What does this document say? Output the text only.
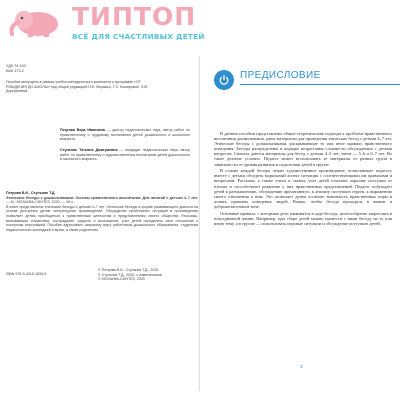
ТИПТОП
ВСЁ ДЛЯ СЧАСТЛИВЫХ ДЕТЕЙ
УДК 74.100
ББК 373.2
Пособие выпущено в рамках учебно-методического комплекта к программе «ОТ РОЖДЕНИЯ ДО ШКОЛЫ» под общей редакцией Н.Е. Вераксы, Т.С. Комаровой, Э.М. Дорофеевой.
Петрова Вера Ивановна — доктор педагогических наук, автор работ по нравственному и трудовому воспитанию детей дошкольного и школьного возраста.
Стульник Татьяна Дмитриевна — кандидат педагогических наук, автор работ по нравственному и художественному воспитанию детей дошкольного и школьного возраста.
Петрова В.И., Стульник Т.Д.
Этические беседы с дошкольниками: Основы нравственного воспитания: Для занятий с детьми 4–7 лет. — М.: МОЗАИКА-СИНТЕЗ, 2020. — 96 с.
В книге представлены этические беседы с детьми 4–7 лет. Этические беседы в форме развивающего диалога на основе доступных детям литературных произведений. Обсуждение проблемных ситуаций в произведении позволяет детям приобщиться к нравственным ценностям и представлениям своего общества. Рассказы, вызывающие сочувствие, сострадание, радость и восхищение, учат детей определять свое отношение к поступкам персонажей. Пособие адресовано широкому кругу работников дошкольного образования, студентам педагогических колледжей и вузов, а также родителям.
ISBN 978-5-4315-1839-5
© Петрова В.И., Стульник Т.Д., 2015
© Стульник Т.Д., 2020, с изменениями
© МОЗАИКА-СИНТЕЗ, 2020
ПРЕДИСЛОВИЕ

В данном пособии представлены общие теоретические подходы к проблеме нравственного воспитания дошкольников, даны материалы для проведения этических бесед с детьми 4–7 лет. Этические беседы с дошкольниками, раскрывающие то или иное правило нравственного поведения. Беседы распределены в порядке возрастания сложности обсуждаемых с детьми вопросов. Сначала даются материалы для бесед с детьми 4–5 лет, затем — 5–6 и 6–7 лет. Но такое деление условно. Педагог может использовать те материалы от разных групп в зависимости от уровня развития и подготовки детей в группе.

В основе каждой беседы лежит художественное произведение, позволяющее педагогу вместе с детьми обсудить моральный аспект ситуации с соответствующими им правилами и вопросами. Рассказы, а также стихи и сказки, учат детей отличать хорошие поступки от плохих и способствуют развитию у них нравственных представлений. Педагог побуждает детей к размышлению, обсуждению прочитанного, к анализу поступков героев, к выражению своего отношения к ним. Это позволяет детям осознать значимость нравственных норм и понять причины поведения людей. Важно, чтобы беседа проходила в живом и доброжелательном тоне.

Основные правила, с которыми дети знакомятся в ходе беседы, целесообразно закреплять в повседневной жизни. Например, при сборе детей можно провести с ними беседу на ту или иную тему, а в группе — использовать игровые ситуации и обсуждение поступков детей.

3
